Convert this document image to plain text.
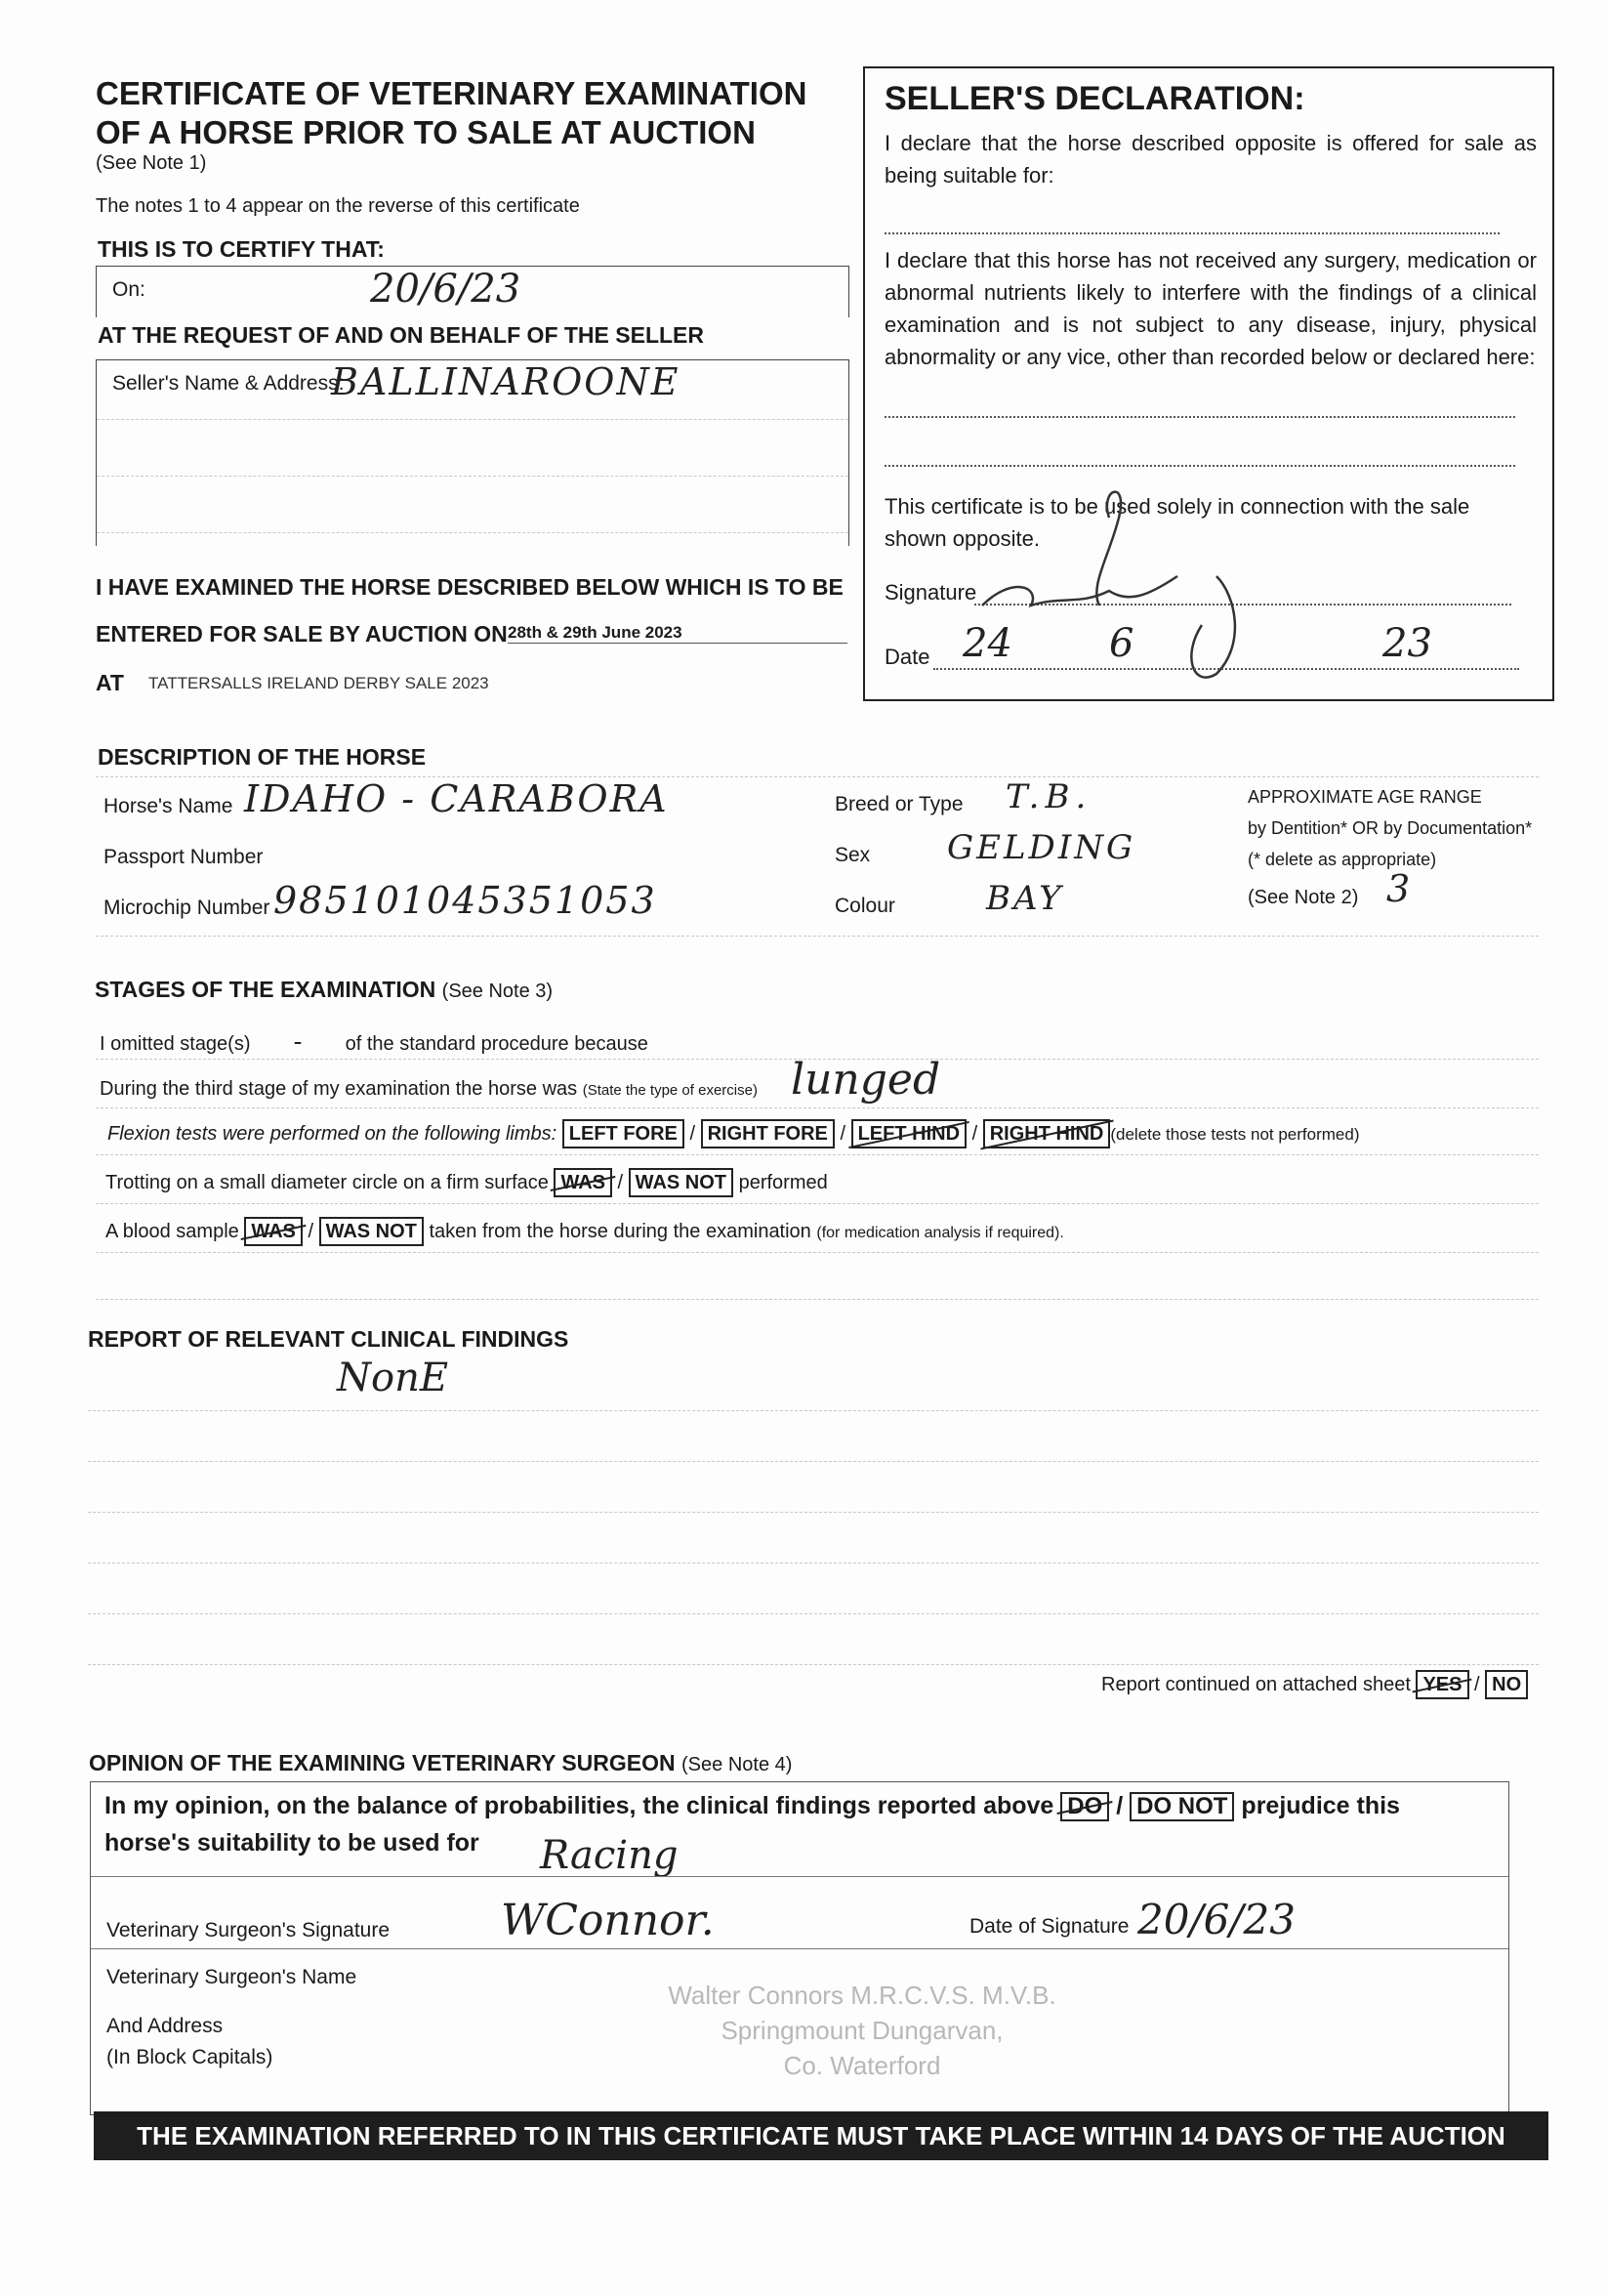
CERTIFICATE OF VETERINARY EXAMINATION
OF A HORSE PRIOR TO SALE AT AUCTION
(See Note 1)
The notes 1 to 4 appear on the reverse of this certificate
THIS IS TO CERTIFY THAT:
On:	20/6/23
AT THE REQUEST OF AND ON BEHALF OF THE SELLER
Seller's Name & Address:
BALLINAROONE
I HAVE EXAMINED THE HORSE DESCRIBED BELOW WHICH IS TO BE
ENTERED FOR SALE BY AUCTION ON 28th & 29th June 2023
AT TATTERSALLS IRELAND DERBY SALE 2023
SELLER'S DECLARATION:
I declare that the horse described opposite is offered for sale as being suitable for:
I declare that this horse has not received any surgery, medication or abnormal nutrients likely to interfere with the findings of a clinical examination and is not subject to any disease, injury, physical abnormality or any vice, other than recorded below or declared here:
This certificate is to be used solely in connection with the sale shown opposite.
Signature
Date 24 6	23
DESCRIPTION OF THE HORSE
Horse's Name IDAHO - CARABORA
Passport Number
Microchip Number 985101045351053
Breed or Type T.B.
Sex GELDING
Colour	BAY
APPROXIMATE AGE RANGE
by Dentition* OR by Documentation*
(* delete as appropriate)
(See Note 2) 3
STAGES OF THE EXAMINATION (See Note 3)
I omitted stage(s) - of the standard procedure because
During the third stage of my examination the horse was (State the type of exercise) lunged
Flexion tests were performed on the following limbs: LEFT FORE / RIGHT FORE / LEFT HIND / RIGHT HIND (delete those tests not performed)
Trotting on a small diameter circle on a firm surface WAS / WAS NOT performed
A blood sample WAS / WAS NOT taken from the horse during the examination (for medication analysis if required).
REPORT OF RELEVANT CLINICAL FINDINGS
NonE
Report continued on attached sheet YES / NO
OPINION OF THE EXAMINING VETERINARY SURGEON (See Note 4)
In my opinion, on the balance of probabilities, the clinical findings reported above DO / DO NOT prejudice this
horse's suitability to be used for Racing
Veterinary Surgeon's Signature	WConnor.	Date of Signature 20/6/23
Veterinary Surgeon's Name
And Address
(In Block Capitals)
Walter Connors M.R.C.V.S. M.V.B.
Springmount Dungarvan,
Co. Waterford
THE EXAMINATION REFERRED TO IN THIS CERTIFICATE MUST TAKE PLACE WITHIN 14 DAYS OF THE AUCTION
